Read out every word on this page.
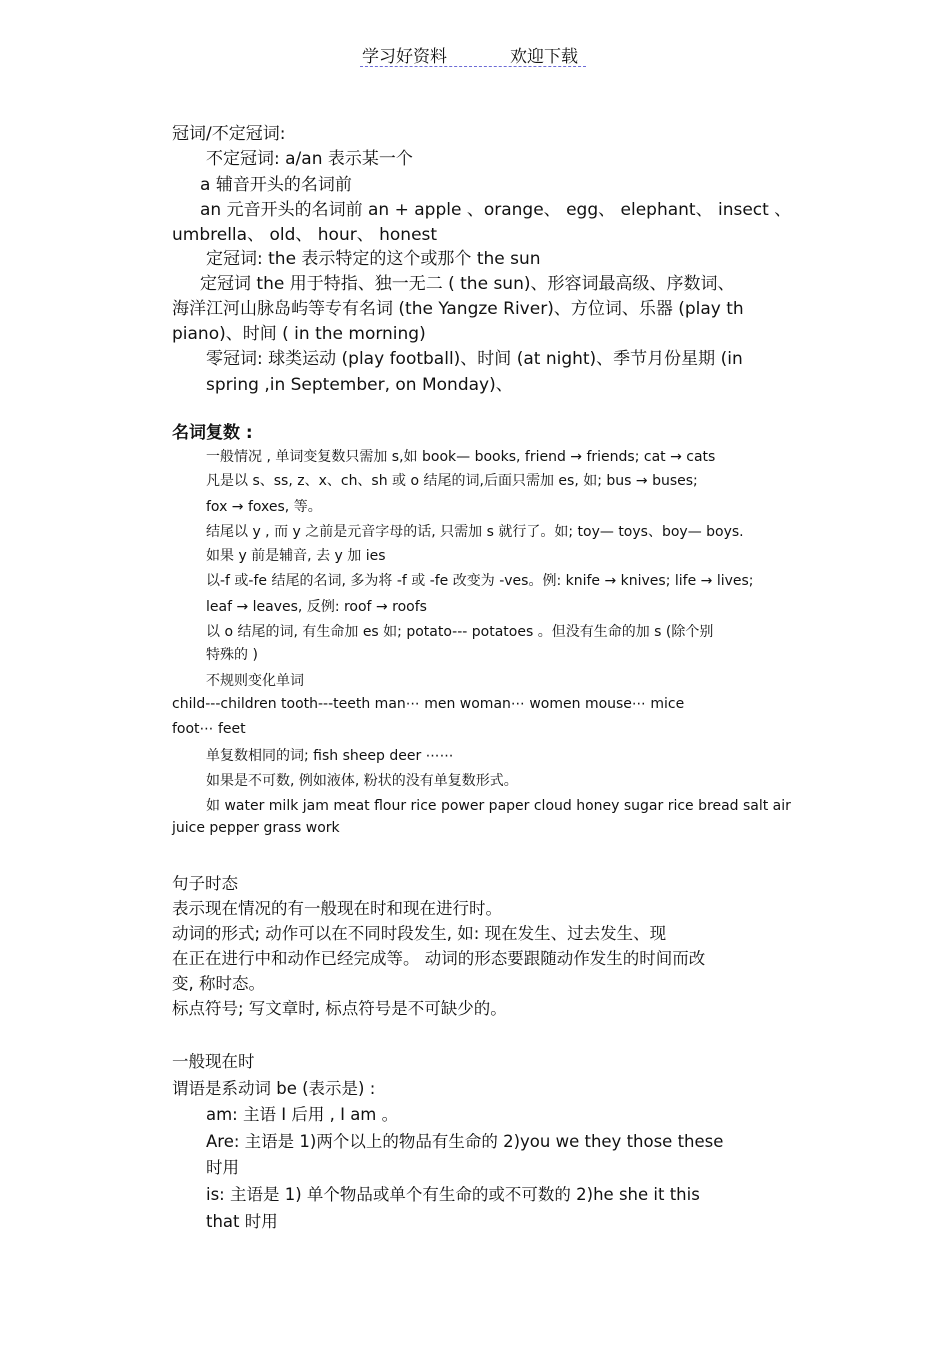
学习好资料	欢迎下载
冠词/不定冠词:
不定冠词: a/an 表示某一个
a 辅音开头的名词前
an 元音开头的名词前 an + apple 、orange、 egg、 elephant、 insect 、
umbrella、 old、 hour、 honest
定冠词: the 表示特定的这个或那个 the sun
定冠词 the 用于特指、独一无二 ( the sun)、形容词最高级、序数词、
海洋江河山脉岛屿等专有名词 (the Yangze River)、方位词、乐器 (play th
piano)、时间 ( in the morning)
零冠词: 球类运动 (play football)、时间 (at night)、季节月份星期 (in
spring ,in September, on Monday)、
名词复数 :
一般情况 , 单词变复数只需加 s,如 book— books, friend → friends; cat → cats
凡是以 s、ss, z、x、ch、sh 或 o 结尾的词,后面只需加 es, 如; bus → buses;
fox → foxes, 等。
结尾以 y , 而 y 之前是元音字母的话, 只需加 s 就行了。如; toy— toys、boy— boys.
如果 y 前是辅音, 去 y 加 ies
以-f 或-fe 结尾的名词, 多为将 -f 或 -fe 改变为 -ves。例: knife → knives; life → lives;
leaf → leaves, 反例: roof → roofs
以 o 结尾的词, 有生命加 es 如; potato--- potatoes 。但没有生命的加 s (除个别
特殊的 )
不规则变化单词
child---children tooth---teeth man⋯ men woman⋯ women mouse⋯ mice
foot⋯ feet
单复数相同的词; fish sheep deer ⋯⋯
如果是不可数, 例如液体, 粉状的没有单复数形式。
如 water milk jam meat flour rice power paper cloud honey sugar rice bread salt air
juice pepper grass work
句子时态
表示现在情况的有一般现在时和现在进行时。
动词的形式; 动作可以在不同时段发生, 如: 现在发生、过去发生、现
在正在进行中和动作已经完成等。 动词的形态要跟随动作发生的时间而改
变, 称时态。
标点符号; 写文章时, 标点符号是不可缺少的。
一般现在时
谓语是系动词 be (表示是) :
am: 主语 I 后用 , I am 。
Are: 主语是 1)两个以上的物品有生命的 2)you we they those these
时用
is: 主语是 1) 单个物品或单个有生命的或不可数的 2)he she it this
that 时用
